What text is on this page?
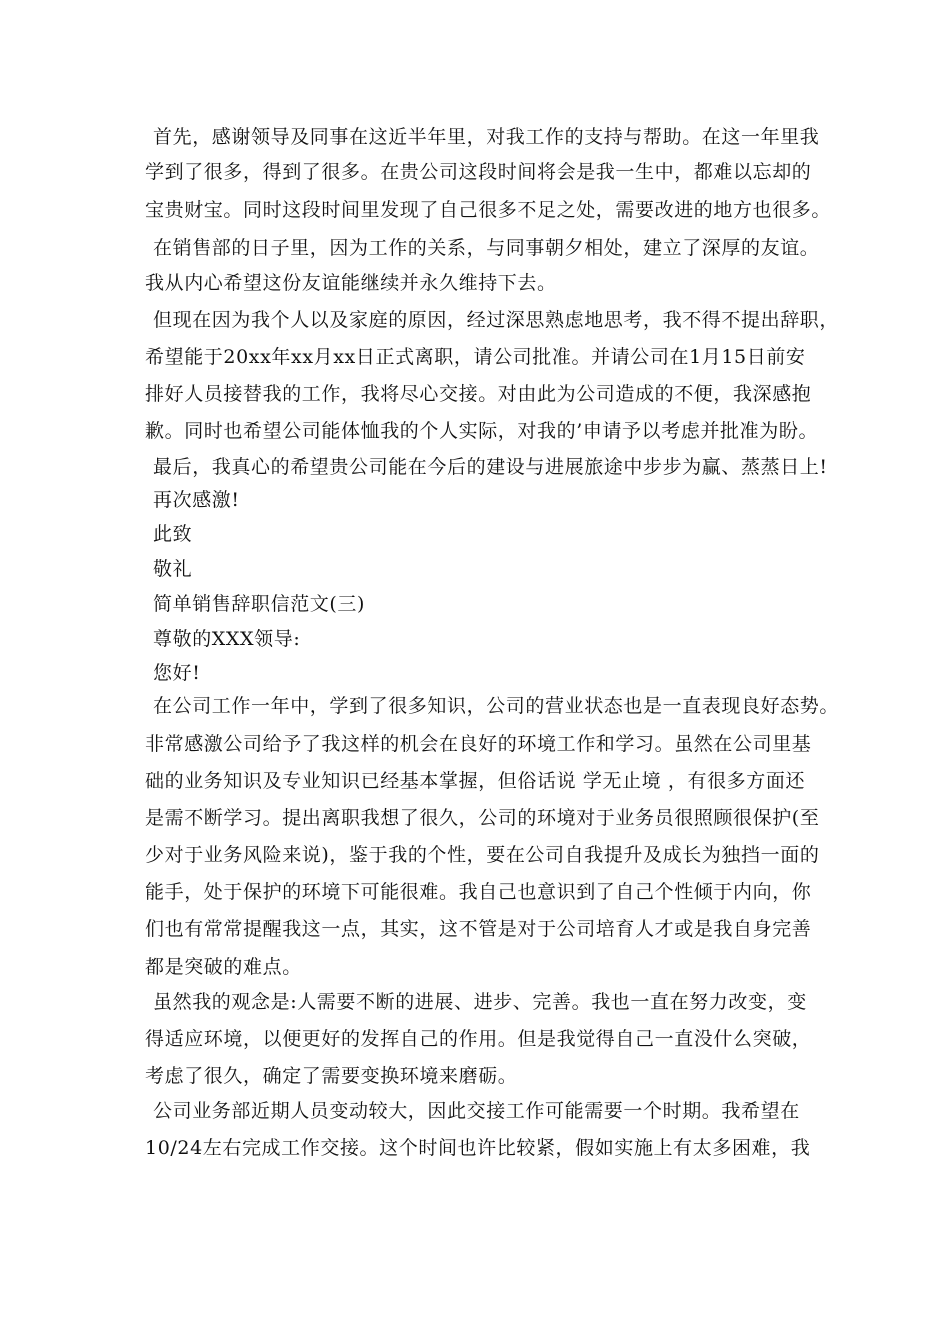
首先，感谢领导及同事在这近半年里，对我工作的支持与帮助。在这一年里我
学到了很多，得到了很多。在贵公司这段时间将会是我一生中，都难以忘却的
宝贵财宝。同时这段时间里发现了自己很多不足之处，需要改进的地方也很多。
在销售部的日子里，因为工作的关系，与同事朝夕相处，建立了深厚的友谊。
我从内心希望这份友谊能继续并永久维持下去。
但现在因为我个人以及家庭的原因，经过深思熟虑地思考，我不得不提出辞职，
希望能于20xx年xx月xx日正式离职，请公司批准。并请公司在1月15日前安
排好人员接替我的工作，我将尽心交接。对由此为公司造成的不便，我深感抱
歉。同时也希望公司能体恤我的个人实际，对我的’申请予以考虑并批准为盼。
最后，我真心的希望贵公司能在今后的建设与进展旅途中步步为赢、蒸蒸日上!
再次感激!
此致
敬礼
简单销售辞职信范文(三)
尊敬的XXX领导:
您好!
在公司工作一年中，学到了很多知识，公司的营业状态也是一直表现良好态势。
非常感激公司给予了我这样的机会在良好的环境工作和学习。虽然在公司里基
础的业务知识及专业知识已经基本掌握，但俗话说 学无止境 ，有很多方面还
是需不断学习。提出离职我想了很久，公司的环境对于业务员很照顾很保护(至
少对于业务风险来说)，鉴于我的个性，要在公司自我提升及成长为独挡一面的
能手，处于保护的环境下可能很难。我自己也意识到了自己个性倾于内向，你
们也有常常提醒我这一点，其实，这不管是对于公司培育人才或是我自身完善
都是突破的难点。
虽然我的观念是:人需要不断的进展、进步、完善。我也一直在努力改变，变
得适应环境，以便更好的发挥自己的作用。但是我觉得自己一直没什么突破，
考虑了很久，确定了需要变换环境来磨砺。
公司业务部近期人员变动较大，因此交接工作可能需要一个时期。我希望在
10/24左右完成工作交接。这个时间也许比较紧，假如实施上有太多困难，我
